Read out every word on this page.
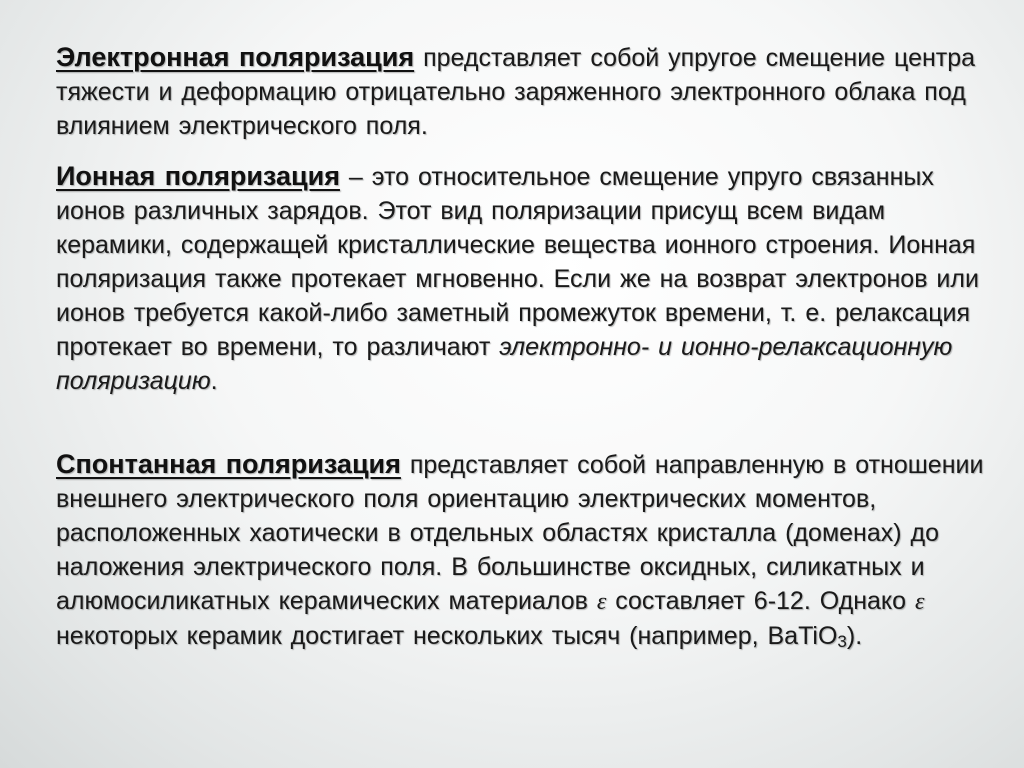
Электронная поляризация представляет собой упругое смещение центра тяжести и деформацию отрицательно заряженного электронного облака под влиянием электрического поля.

Ионная поляризация – это относительное смещение упруго связанных ионов различных зарядов. Этот вид поляризации присущ всем видам керамики, содержащей кристаллические вещества ионного строения. Ионная поляризация также протекает мгновенно. Если же на возврат электронов или ионов требуется какой-либо заметный промежуток времени, т. е. релаксация протекает во времени, то различают электронно- и ионно-релаксационную поляризацию.

Спонтанная поляризация представляет собой направленную в отношении внешнего электрического поля ориентацию электрических моментов, расположенных хаотически в отдельных областях кристалла (доменах) до наложения электрического поля. В большинстве оксидных, силикатных и алюмосиликатных керамических материалов ε составляет 6-12. Однако ε некоторых керамик достигает нескольких тысяч (например, BaTiO$_3$).
